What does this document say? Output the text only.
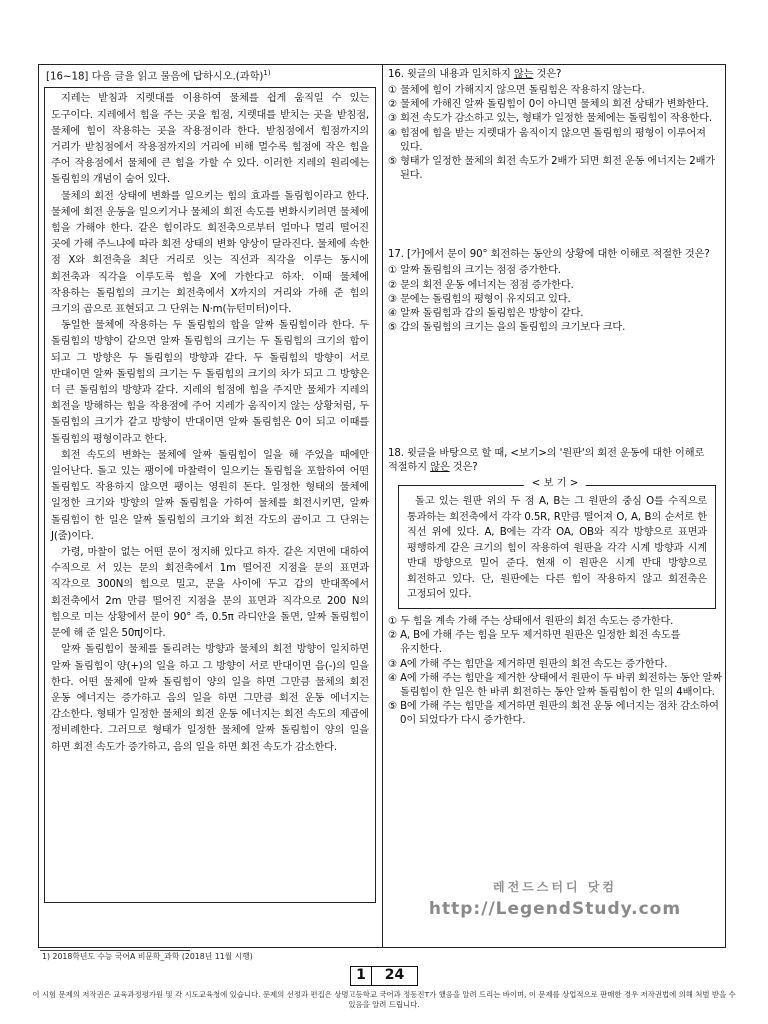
[16~18] 다음 글을 읽고 물음에 답하시오.(과학)$^{1)}$

지레는 받침과 지렛대를 이용하여 물체를 쉽게 움직일 수 있는 도구이다. 지레에서 힘을 주는 곳을 힘점, 지렛대를 받치는 곳을 받침점, 물체에 힘이 작용하는 곳을 작용점이라 한다. 받침점에서 힘점까지의 거리가 받침점에서 작용점까지의 거리에 비해 멀수록 힘점에 작은 힘을 주어 작용점에서 물체에 큰 힘을 가할 수 있다. 이러한 지레의 원리에는 돌림힘의 개념이 숨어 있다.

물체의 회전 상태에 변화를 일으키는 힘의 효과를 돌림힘이라고 한다. 물체에 회전 운동을 일으키거나 물체의 회전 속도를 변화시키려면 물체에 힘을 가해야 한다. 같은 힘이라도 회전축으로부터 얼마나 멀리 떨어진 곳에 가해 주느냐에 따라 회전 상태의 변화 양상이 달라진다. 물체에 속한 점 X와 회전축을 최단 거리로 잇는 직선과 직각을 이루는 동시에 회전축과 직각을 이루도록 힘을 X에 가한다고 하자. 이때 물체에 작용하는 돌림힘의 크기는 회전축에서 X까지의 거리와 가해 준 힘의 크기의 곱으로 표현되고 그 단위는 N·m(뉴턴미터)이다.

동일한 물체에 작용하는 두 돌림힘의 합을 알짜 돌림힘이라 한다. 두 돌림힘의 방향이 같으면 알짜 돌림힘의 크기는 두 돌림힘의 크기의 합이 되고 그 방향은 두 돌림힘의 방향과 같다. 두 돌림힘의 방향이 서로 반대이면 알짜 돌림힘의 크기는 두 돌림힘의 크기의 차가 되고 그 방향은 더 큰 돌림힘의 방향과 같다. 지레의 힘점에 힘을 주지만 물체가 지레의 회전을 방해하는 힘을 작용점에 주어 지레가 움직이지 않는 상황처럼, 두 돌림힘의 크기가 같고 방향이 반대이면 알짜 돌림힘은 0이 되고 이때를 돌림힘의 평형이라고 한다.

회전 속도의 변화는 물체에 알짜 돌림힘이 일을 해 주었을 때에만 일어난다. 돌고 있는 팽이에 마찰력이 일으키는 돌림힘을 포함하여 어떤 돌림힘도 작용하지 않으면 팽이는 영원히 돈다. 일정한 형태의 물체에 일정한 크기와 방향의 알짜 돌림힘을 가하여 물체를 회전시키면, 알짜 돌림힘이 한 일은 알짜 돌림힘의 크기와 회전 각도의 곱이고 그 단위는 J(줄)이다.

가령, 마찰이 없는 어떤 문이 정지해 있다고 하자. 같은 지면에 대하여 수직으로 서 있는 문의 회전축에서 1m 떨어진 지점을 문의 표면과 직각으로 300N의 힘으로 밀고, 문을 사이에 두고 갑의 반대쪽에서 회전축에서 2m 만큼 떨어진 지점을 문의 표면과 직각으로 200 N의 힘으로 미는 상황에서 문이 90° 즉, 0.5π 라디안을 돌면, 알짜 돌림힘이 문에 해 준 일은 50πJ이다.

알짜 돌림힘이 물체를 돌리려는 방향과 물체의 회전 방향이 일치하면 알짜 돌림힘이 양(+)의 일을 하고 그 방향이 서로 반대이면 음(-)의 일을 한다. 어떤 물체에 알짜 돌림힘이 양의 일을 하면 그만큼 물체의 회전 운동 에너지는 증가하고 음의 일을 하면 그만큼 회전 운동 에너지는 감소한다. 형태가 일정한 물체의 회전 운동 에너지는 회전 속도의 제곱에 정비례한다. 그러므로 형태가 일정한 물체에 알짜 돌림힘이 양의 일을 하면 회전 속도가 증가하고, 음의 일을 하면 회전 속도가 감소한다.

16. 윗글의 내용과 일치하지 않는 것은?

① 물체에 힘이 가해지지 않으면 돌림힘은 작용하지 않는다.
② 물체에 가해진 알짜 돌림힘이 0이 아니면 물체의 회전 상태가 변화한다.
③ 회전 속도가 감소하고 있는, 형태가 일정한 물체에는 돌림힘이 작용한다.
④ 힘점에 힘을 받는 지렛대가 움직이지 않으면 돌림힘의 평형이 이루어져 있다.
⑤ 형태가 일정한 물체의 회전 속도가 2배가 되면 회전 운동 에너지는 2배가 된다.

17. [가]에서 문이 90° 회전하는 동안의 상황에 대한 이해로 적절한 것은?

① 알짜 돌림힘의 크기는 점점 증가한다.
② 문의 회전 운동 에너지는 점점 증가한다.
③ 문에는 돌림힘의 평형이 유지되고 있다.
④ 알짜 돌림힘과 갑의 돌림힘은 방향이 같다.
⑤ 갑의 돌림힘의 크기는 을의 돌림힘의 크기보다 크다.

18. 윗글을 바탕으로 할 때, <보기>의 '원판'의 회전 운동에 대한 이해로 적절하지 않은 것은?

돌고 있는 원판 위의 두 점 A, B는 그 원판의 중심 O를 수직으로 통과하는 회전축에서 각각 0.5R, R만큼 떨어져 O, A, B의 순서로 한 직선 위에 있다. A, B에는 각각 OA, OB와 직각 방향으로 표면과 평행하게 같은 크기의 힘이 작용하여 원판을 각각 시계 방향과 시계 반대 방향으로 밀어 준다. 현재 이 원판은 시계 반대 방향으로 회전하고 있다. 단, 원판에는 다른 힘이 작용하지 않고 회전축은 고정되어 있다.

< 보 기 >
① 두 힘을 계속 가해 주는 상태에서 원판의 회전 속도는 증가한다.
② A, B에 가해 주는 힘을 모두 제거하면 원판은 일정한 회전 속도를 유지한다.
③ A에 가해 주는 힘만을 제거하면 원판의 회전 속도는 증가한다.
④ A에 가해 주는 힘만을 제거한 상태에서 원판이 두 바퀴 회전하는 동안 알짜 돌림힘이 한 일은 한 바퀴 회전하는 동안 알짜 돌림힘이 한 일의 4배이다.
⑤ B에 가해 주는 힘만을 제거하면 원판의 회전 운동 에너지는 점차 감소하여 0이 되었다가 다시 증가한다.
레전드스터디 닷컴
http://LegendStudy.com
1) 2018학년도 수능 국어A 비문학_과학 (2018년 11월 시행)
1	24
이 시험 문제의 저작권은 교육과정평가원 및 각 시도교육청에 있습니다. 문제의 선정과 편집은 상명고등학교 국어과 정동진T가 했음을 알려 드리는 바이며, 이 문제를 상업적으로 판매한 경우 저작권법에 의해 처벌 받을 수 있음을 알려 드립니다.
